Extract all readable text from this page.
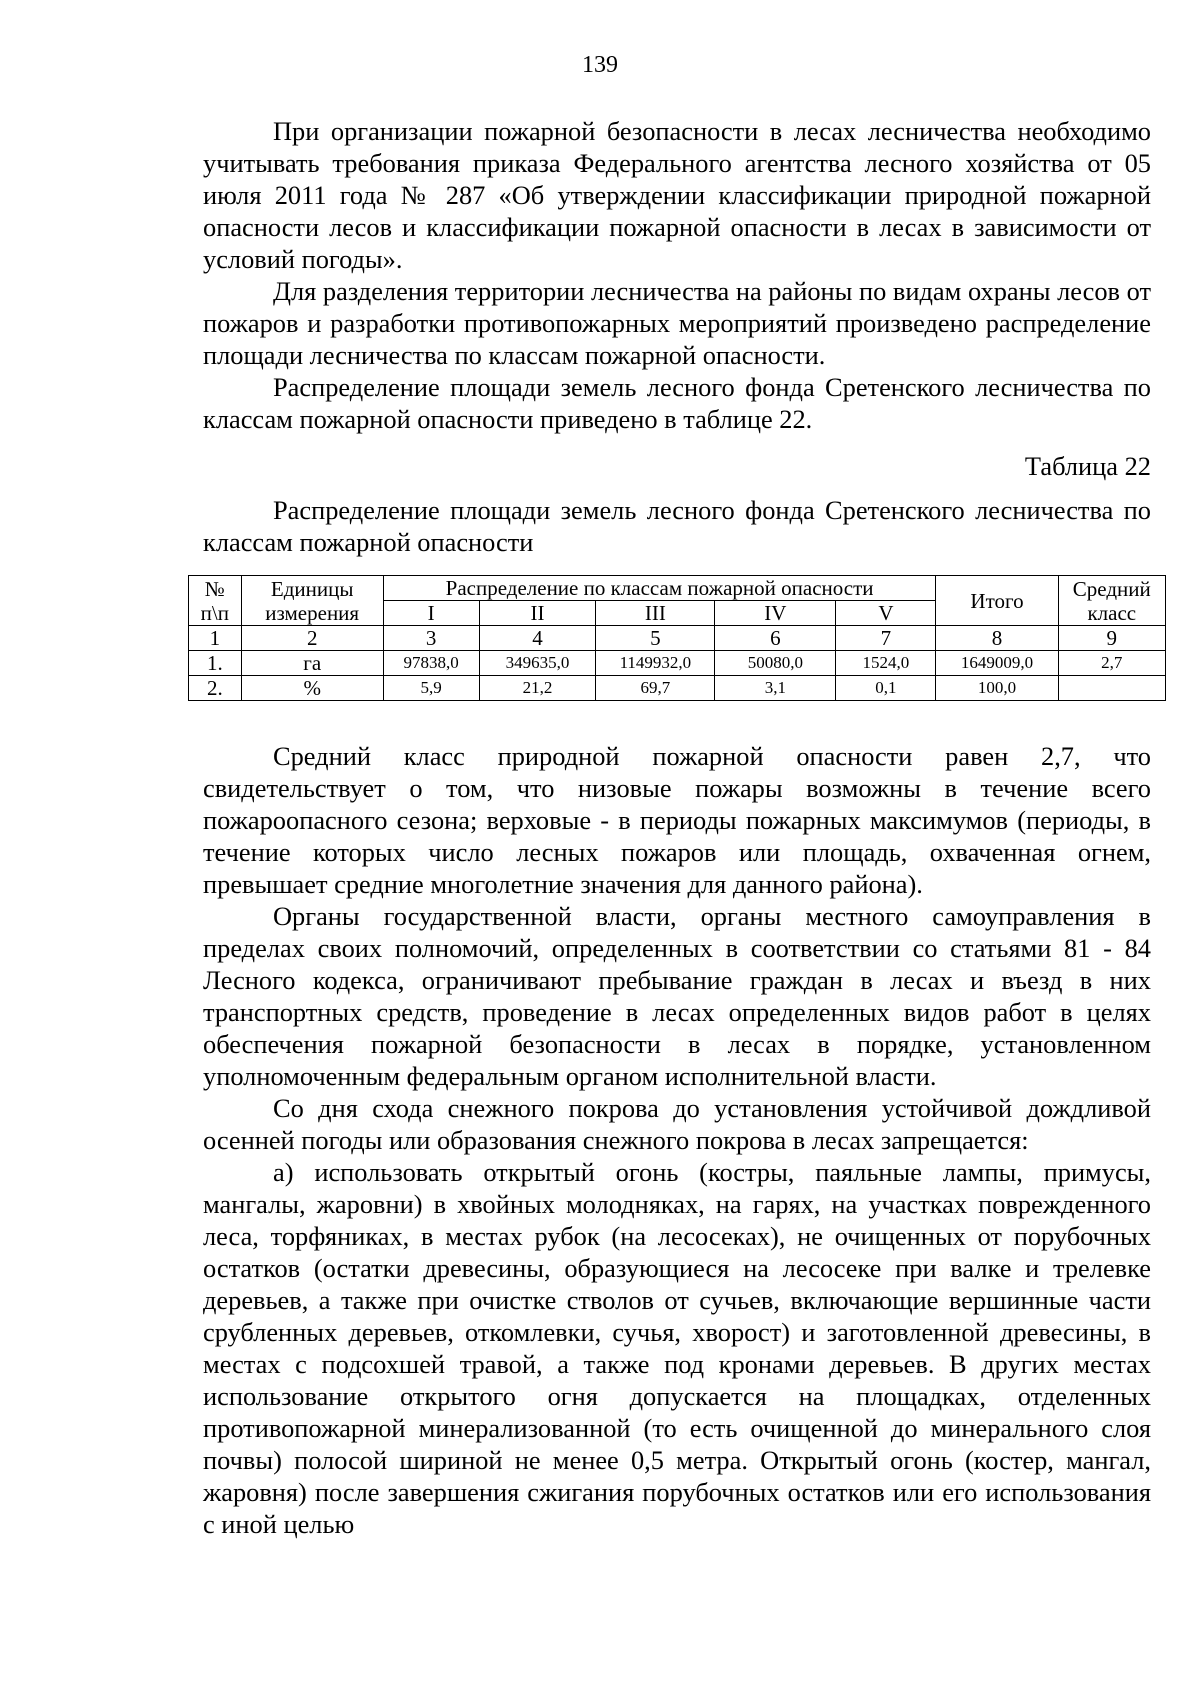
139

При организации пожарной безопасности в лесах лесничества необходимо учитывать требования приказа Федерального агентства лесного хозяйства от 05 июля 2011 года № 287 «Об утверждении классификации природной пожарной опасности лесов и классификации пожарной опасности в лесах в зависимости от условий погоды».

Для разделения территории лесничества на районы по видам охраны лесов от пожаров и разработки противопожарных мероприятий произведено распределение площади лесничества по классам пожарной опасности.

Распределение площади земель лесного фонда Сретенского лесничества по классам пожарной опасности приведено в таблице 22.

Таблица 22
Распределение площади земель лесного фонда Сретенского лесничества по классам пожарной опасности
№ п\п	Единицы измерения	Распределение по классам пожарной опасности					Итого	Средний класс
		I	II	III	IV	V		
1	2	3	4	5	6	7	8	9
1.	га	97838,0	349635,0	1149932,0	50080,0	1524,0	1649009,0	2,7
2.	%	5,9	21,2	69,7	3,1	0,1	100,0	

Средний класс природной пожарной опасности равен 2,7, что свидетельствует о том, что низовые пожары возможны в течение всего пожароопасного сезона; верховые - в периоды пожарных максимумов (периоды, в течение которых число лесных пожаров или площадь, охваченная огнем, превышает средние многолетние значения для данного района).

Органы государственной власти, органы местного самоуправления в пределах своих полномочий, определенных в соответствии со статьями 81 - 84 Лесного кодекса, ограничивают пребывание граждан в лесах и въезд в них транспортных средств, проведение в лесах определенных видов работ в целях обеспечения пожарной безопасности в лесах в порядке, установленном уполномоченным федеральным органом исполнительной власти.

Со дня схода снежного покрова до установления устойчивой дождливой осенней погоды или образования снежного покрова в лесах запрещается:

а) использовать открытый огонь (костры, паяльные лампы, примусы, мангалы, жаровни) в хвойных молодняках, на гарях, на участках поврежденного леса, торфяниках, в местах рубок (на лесосеках), не очищенных от порубочных остатков (остатки древесины, образующиеся на лесосеке при валке и трелевке деревьев, а также при очистке стволов от сучьев, включающие вершинные части срубленных деревьев, откомлевки, сучья, хворост) и заготовленной древесины, в местах с подсохшей травой, а также под кронами деревьев. В других местах использование открытого огня допускается на площадках, отделенных противопожарной минерализованной (то есть очищенной до минерального слоя почвы) полосой шириной не менее 0,5 метра. Открытый огонь (костер, мангал, жаровня) после завершения сжигания порубочных остатков или его использования с иной целью
